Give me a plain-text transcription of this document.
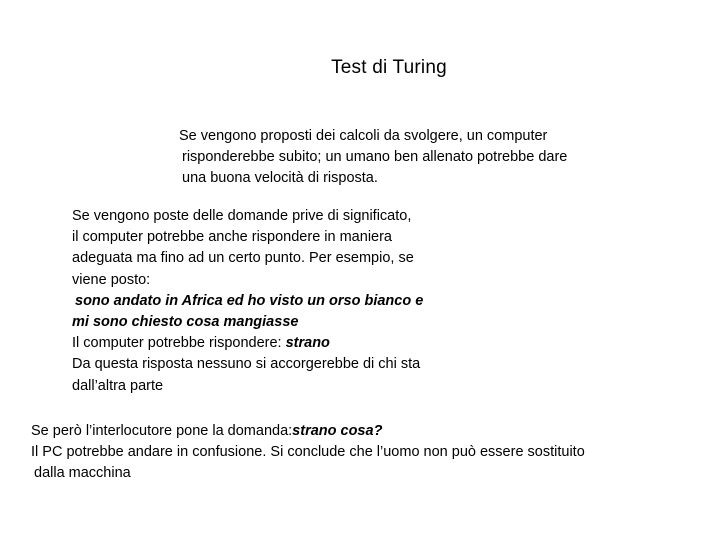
Test di Turing
Se vengono proposti dei calcoli da svolgere, un computer
risponderebbe subito; un umano ben allenato potrebbe dare
una buona velocità di risposta.
Se vengono poste delle domande prive di significato,
il computer potrebbe anche rispondere in maniera
adeguata ma fino ad un certo punto. Per esempio, se
viene posto:
sono andato in Africa ed ho visto un orso bianco e
mi sono chiesto cosa mangiasse
Il computer potrebbe rispondere: strano
Da questa risposta nessuno si accorgerebbe di chi sta
dall’altra parte
Se però l’interlocutore pone la domanda:strano cosa?
Il PC potrebbe andare in confusione. Si conclude che l’uomo non può essere sostituito
dalla macchina
